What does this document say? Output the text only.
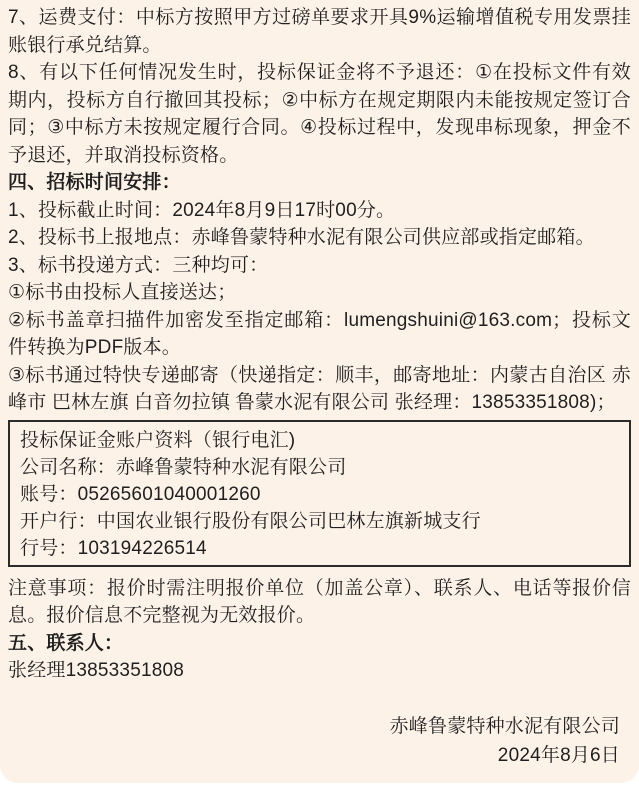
7、运费支付：中标方按照甲方过磅单要求开具9%运输增值税专用发票挂账银行承兑结算。

8、有以下任何情况发生时，投标保证金将不予退还：①在投标文件有效期内，投标方自行撤回其投标；②中标方在规定期限内未能按规定签订合同；③中标方未按规定履行合同。④投标过程中，发现串标现象，押金不予退还，并取消投标资格。

四、招标时间安排：

1、投标截止时间：2024年8月9日17时00分。

2、投标书上报地点：赤峰鲁蒙特种水泥有限公司供应部或指定邮箱。

3、标书投递方式：三种均可：

①标书由投标人直接送达；

②标书盖章扫描件加密发至指定邮箱：lumengshuini@163.com；投标文件转换为PDF版本。

③标书通过特快专递邮寄（快递指定：顺丰，邮寄地址：内蒙古自治区 赤峰市 巴林左旗 白音勿拉镇 鲁蒙水泥有限公司 张经理：13853351808)；

投标保证金账户资料（银行电汇)

公司名称：赤峰鲁蒙特种水泥有限公司

账号：05265601040001260

开户行：中国农业银行股份有限公司巴林左旗新城支行

行号：103194226514

注意事项：报价时需注明报价单位（加盖公章）、联系人、电话等报价信息。报价信息不完整视为无效报价。

五、联系人：

张经理13853351808

赤峰鲁蒙特种水泥有限公司

2024年8月6日
